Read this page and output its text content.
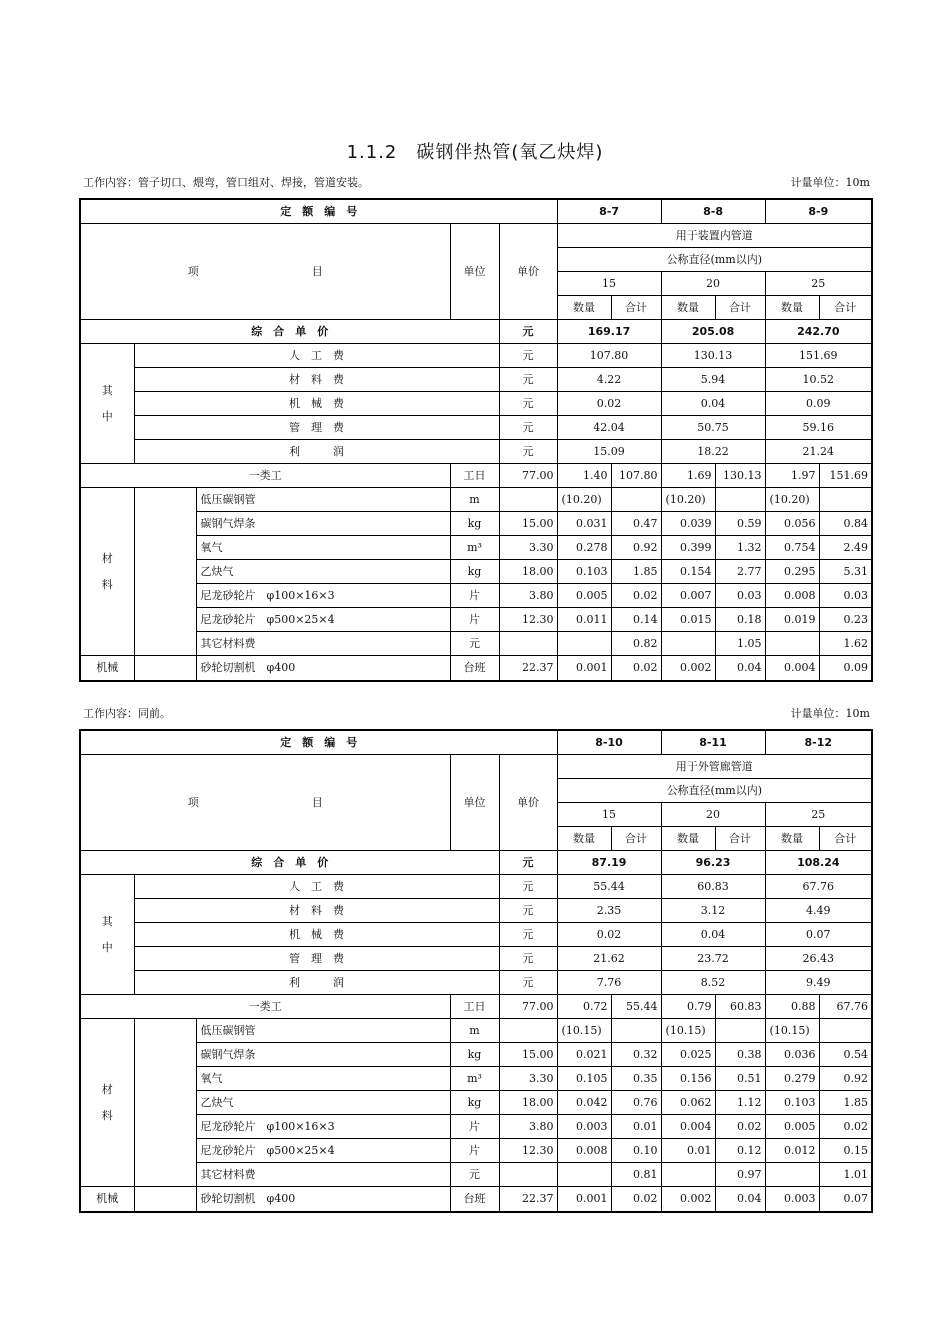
1.1.2　碳钢伴热管(氧乙炔焊)
工作内容：管子切口、煨弯，管口组对、焊接，管道安装。	计量单位：10m
定　额　编　号	8-7	8-8	8-9
项　　　目	单位	单价	用于装置内管道
公称直径(mm以内)
15	20	25
数量	合计	数量	合计	数量	合计
综　合　单　价	元	169.17	205.08	242.70
其中	人　工　费	元	107.80	130.13	151.69
材　料　费	元	4.22	5.94	10.52
机　械　费	元	0.02	0.04	0.09
管　理　费	元	42.04	50.75	59.16
利　　　润	元	15.09	18.22	21.24
一类工	工日	77.00	1.40	107.80	1.69	130.13	1.97	151.69
材料		低压碳钢管	m		(10.20)		(10.20)		(10.20)	
碳钢气焊条	kg	15.00	0.031	0.47	0.039	0.59	0.056	0.84
氧气	m³	3.30	0.278	0.92	0.399	1.32	0.754	2.49
乙炔气	kg	18.00	0.103	1.85	0.154	2.77	0.295	5.31
尼龙砂轮片　φ100×16×3	片	3.80	0.005	0.02	0.007	0.03	0.008	0.03
尼龙砂轮片　φ500×25×4	片	12.30	0.011	0.14	0.015	0.18	0.019	0.23
其它材料费	元			0.82		1.05		1.62
机械		砂轮切割机　φ400	台班	22.37	0.001	0.02	0.002	0.04	0.004	0.09
工作内容：同前。	计量单位：10m
定　额　编　号	8-10	8-11	8-12
项　　　目	单位	单价	用于外管廊管道
公称直径(mm以内)
15	20	25
数量	合计	数量	合计	数量	合计
综　合　单　价	元	87.19	96.23	108.24
其中	人　工　费	元	55.44	60.83	67.76
材　料　费	元	2.35	3.12	4.49
机　械　费	元	0.02	0.04	0.07
管　理　费	元	21.62	23.72	26.43
利　　　润	元	7.76	8.52	9.49
一类工	工日	77.00	0.72	55.44	0.79	60.83	0.88	67.76
材料		低压碳钢管	m		(10.15)		(10.15)		(10.15)	
碳钢气焊条	kg	15.00	0.021	0.32	0.025	0.38	0.036	0.54
氧气	m³	3.30	0.105	0.35	0.156	0.51	0.279	0.92
乙炔气	kg	18.00	0.042	0.76	0.062	1.12	0.103	1.85
尼龙砂轮片　φ100×16×3	片	3.80	0.003	0.01	0.004	0.02	0.005	0.02
尼龙砂轮片　φ500×25×4	片	12.30	0.008	0.10	0.01	0.12	0.012	0.15
其它材料费	元			0.81		0.97		1.01
机械		砂轮切割机　φ400	台班	22.37	0.001	0.02	0.002	0.04	0.003	0.07
